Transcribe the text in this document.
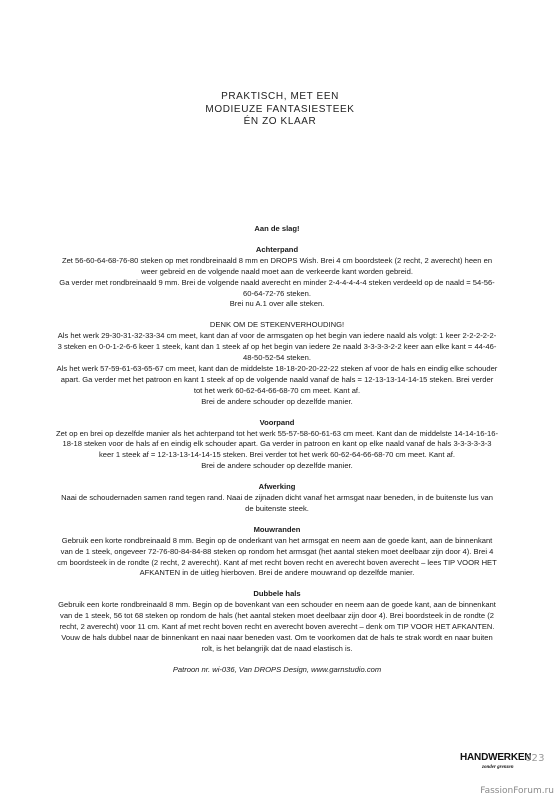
PRAKTISCH, MET EEN
MODIEUZE FANTASIESTEEK
ÉN ZO KLAAR

Aan de slag!

Achterpand

Zet 56-60-64-68-76-80 steken op met rondbreinaald 8 mm en DROPS Wish. Brei 4 cm boordsteek (2 recht, 2 averecht) heen en weer gebreid en de volgende naald moet aan de verkeerde kant worden gebreid.

Ga verder met rondbreinaald 9 mm. Brei de volgende naald averecht en minder 2-4-4-4-4-4 steken verdeeld op de naald = 54-56-60-64-72-76 steken.

Brei nu A.1 over alle steken.

DENK OM DE STEKENVERHOUDING!

Als het werk 29-30-31-32-33-34 cm meet, kant dan af voor de armsgaten op het begin van iedere naald als volgt: 1 keer 2-2-2-2-2-3 steken en 0-0-1-2-6-6 keer 1 steek, kant dan 1 steek af op het begin van iedere 2e naald 3-3-3-3-2-2 keer aan elke kant = 44-46-48-50-52-54 steken.

Als het werk 57-59-61-63-65-67 cm meet, kant dan de middelste 18-18-20-20-22-22 steken af voor de hals en eindig elke schouder apart. Ga verder met het patroon en kant 1 steek af op de volgende naald vanaf de hals = 12-13-13-14-14-15 steken. Brei verder tot het werk 60-62-64-66-68-70 cm meet. Kant af.

Brei de andere schouder op dezelfde manier.

Voorpand

Zet op en brei op dezelfde manier als het achterpand tot het werk 55-57-58-60-61-63 cm meet. Kant dan de middelste 14-14-16-16-18-18 steken voor de hals af en eindig elk schouder apart. Ga verder in patroon en kant op elke naald vanaf de hals 3-3-3-3-3-3 keer 1 steek af = 12-13-13-14-14-15 steken. Brei verder tot het werk 60-62-64-66-68-70 cm meet. Kant af.

Brei de andere schouder op dezelfde manier.

Afwerking

Naai de schoudernaden samen rand tegen rand. Naai de zijnaden dicht vanaf het armsgat naar beneden, in de buitenste lus van de buitenste steek.

Mouwranden

Gebruik een korte rondbreinaald 8 mm. Begin op de onderkant van het armsgat en neem aan de goede kant, aan de binnenkant van de 1 steek, ongeveer 72-76-80-84-84-88 steken op rondom het armsgat (het aantal steken moet deelbaar zijn door 4). Brei 4 cm boordsteek in de rondte (2 recht, 2 averecht). Kant af met recht boven recht en averecht boven averecht – lees TIP VOOR HET AFKANTEN in de uitleg hierboven. Brei de andere mouwrand op dezelfde manier.

Dubbele hals

Gebruik een korte rondbreinaald 8 mm. Begin op de bovenkant van een schouder en neem aan de goede kant, aan de binnenkant van de 1 steek, 56 tot 68 steken op rondom de hals (het aantal steken moet deelbaar zijn door 4). Brei boordsteek in de rondte (2 recht, 2 averecht) voor 11 cm. Kant af met recht boven recht en averecht boven averecht – denk om TIP VOOR HET AFKANTEN.

Vouw de hals dubbel naar de binnenkant en naai naar beneden vast. Om te voorkomen dat de hals te strak wordt en naar buiten rolt, is het belangrijk dat de naad elastisch is.

Patroon nr. wi-036, Van DROPS Design, www.garnstudio.com

HANDWERKEN
zonder grenzen
023
FassionForum.ru
